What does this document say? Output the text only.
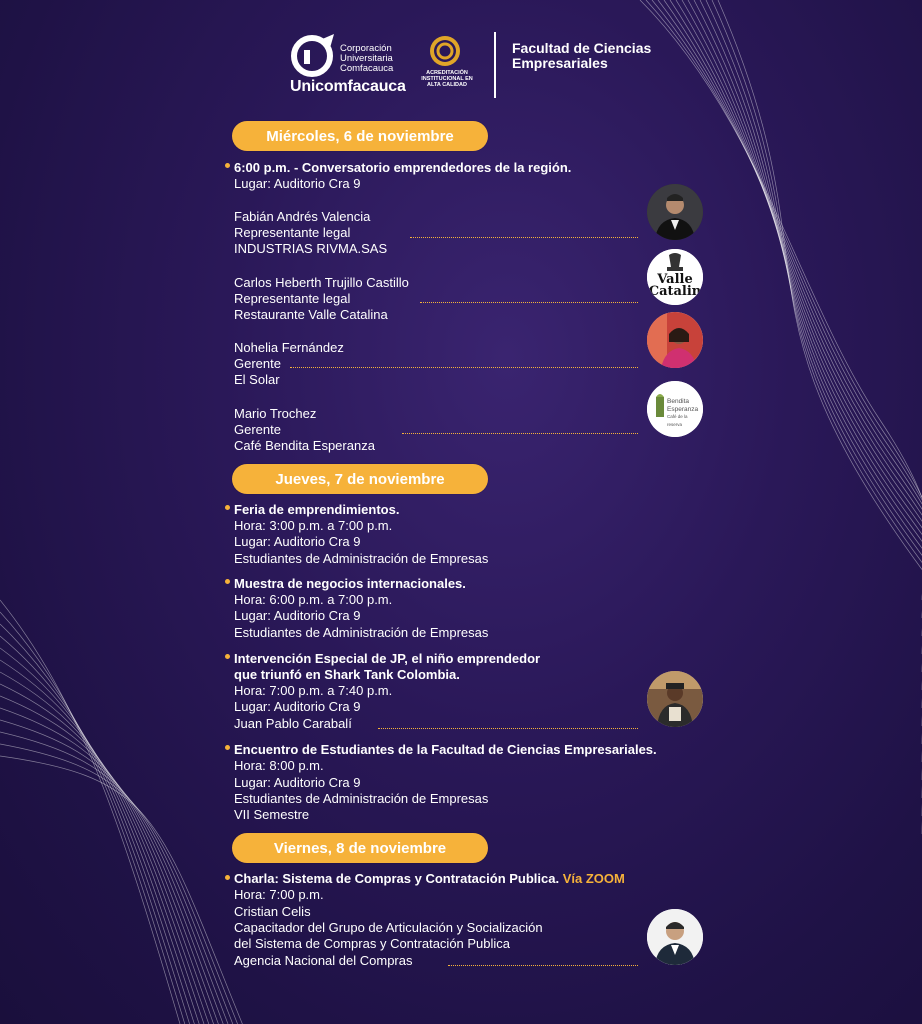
Corporación Universitaria Comfacauca
Unicomfacauca
ACREDITACIÓN INSTITUCIONAL EN ALTA CALIDAD
Facultad de Ciencias Empresariales
Miércoles, 6 de noviembre
6:00 p.m. - Conversatorio emprendedores de la región.
Lugar: Auditorio Cra 9
Fabián Andrés Valencia
Representante legal
INDUSTRIAS RIVMA.SAS
Carlos Heberth Trujillo Castillo
Representante legal
Restaurante Valle Catalina
Valle Catalin
Nohelia Fernández
Gerente
El Solar
Mario Trochez
Gerente
Café Bendita Esperanza
Bendita
Esperanza
Café de la reserva
Jueves, 7 de noviembre
Feria de emprendimientos.
Hora: 3:00 p.m. a 7:00 p.m.
Lugar: Auditorio Cra 9
Estudiantes de Administración de Empresas
Muestra de negocios internacionales.
Hora: 6:00 p.m. a 7:00 p.m.
Lugar: Auditorio Cra 9
Estudiantes de Administración de Empresas
Intervención Especial de JP, el niño emprendedor
que triunfó en Shark Tank Colombia.
Hora: 7:00 p.m. a 7:40 p.m.
Lugar: Auditorio Cra 9
Juan Pablo Carabalí
Encuentro de Estudiantes de la Facultad de Ciencias Empresariales.
Hora: 8:00 p.m.
Lugar: Auditorio Cra 9
Estudiantes de Administración de Empresas
VII Semestre
Viernes, 8 de noviembre
Charla: Sistema de Compras y Contratación Publica. Vía ZOOM
Hora: 7:00 p.m.
Cristian Celis
Capacitador del Grupo de Articulación y Socialización
del Sistema de Compras y Contratación Publica
Agencia Nacional del Compras
